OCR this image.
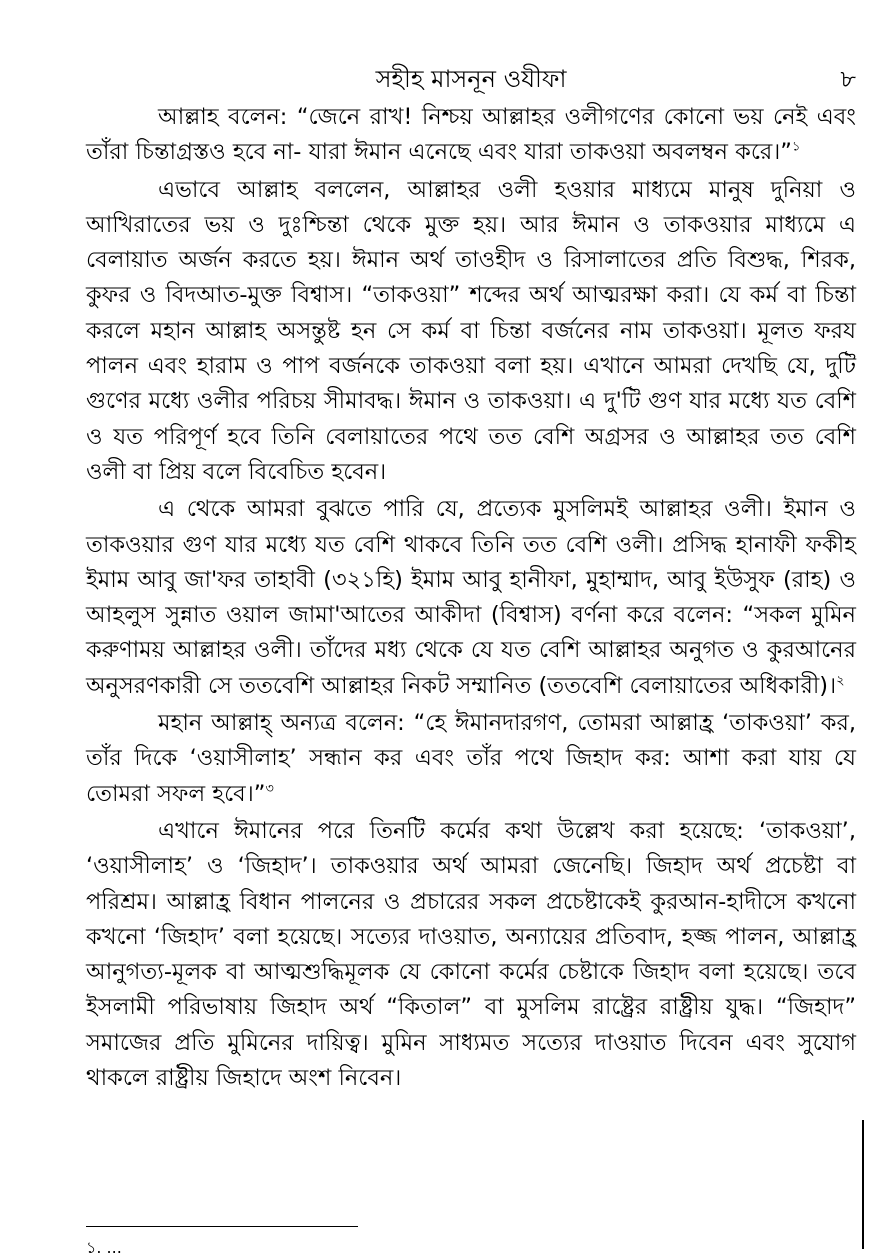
সহীহ মাসনূন ওযীফা	৮

আল্লাহ বলেন: “জেনে রাখ! নিশ্চয় আল্লাহর ওলীগণের কোনো ভয় নেই এবং তাঁরা চিন্তাগ্রস্তও হবে না- যারা ঈমান এনেছে এবং যারা তাকওয়া অবলম্বন করে।”$^১$

এভাবে আল্লাহ বললেন, আল্লাহর ওলী হওয়ার মাধ্যমে মানুষ দুনিয়া ও আখিরাতের ভয় ও দুঃশ্চিন্তা থেকে মুক্ত হয়। আর ঈমান ও তাকওয়ার মাধ্যমে এ বেলায়াত অর্জন করতে হয়। ঈমান অর্থ তাওহীদ ও রিসালাতের প্রতি বিশুদ্ধ, শিরক, কুফর ও বিদআত-মুক্ত বিশ্বাস। “তাকওয়া” শব্দের অর্থ আত্মরক্ষা করা। যে কর্ম বা চিন্তা করলে মহান আল্লাহ অসন্তুষ্ট হন সে কর্ম বা চিন্তা বর্জনের নাম তাকওয়া। মূলত ফরয পালন এবং হারাম ও পাপ বর্জনকে তাকওয়া বলা হয়। এখানে আমরা দেখছি যে, দুটি গুণের মধ্যে ওলীর পরিচয় সীমাবদ্ধ। ঈমান ও তাকওয়া। এ দু'টি গুণ যার মধ্যে যত বেশি ও যত পরিপূর্ণ হবে তিনি বেলায়াতের পথে তত বেশি অগ্রসর ও আল্লাহর তত বেশি ওলী বা প্রিয় বলে বিবেচিত হবেন।

এ থেকে আমরা বুঝতে পারি যে, প্রত্যেক মুসলিমই আল্লাহর ওলী। ইমান ও তাকওয়ার গুণ যার মধ্যে যত বেশি থাকবে তিনি তত বেশি ওলী। প্রসিদ্ধ হানাফী ফকীহ ইমাম আবু জা'ফর তাহাবী (৩২১হি) ইমাম আবু হানীফা, মুহাম্মাদ, আবু ইউসুফ (রাহ) ও আহলুস সুন্নাত ওয়াল জামা'আতের আকীদা (বিশ্বাস) বর্ণনা করে বলেন: “সকল মুমিন করুণাময় আল্লাহর ওলী। তাঁদের মধ্য থেকে যে যত বেশি আল্লাহর অনুগত ও কুরআনের অনুসরণকারী সে ততবেশি আল্লাহর নিকট সম্মানিত (ততবেশি বেলায়াতের অধিকারী)।$^২$

মহান আল্লাহ্ অন্যত্র বলেন: “হে ঈমানদারগণ, তোমরা আল্লাহ্র ‘তাকওয়া’ কর, তাঁর দিকে ‘ওয়াসীলাহ’ সন্ধান কর এবং তাঁর পথে জিহাদ কর: আশা করা যায় যে তোমরা সফল হবে।”$^৩$

এখানে ঈমানের পরে তিনটি কর্মের কথা উল্লেখ করা হয়েছে: ‘তাকওয়া’, ‘ওয়াসীলাহ’ ও ‘জিহাদ’। তাকওয়ার অর্থ আমরা জেনেছি। জিহাদ অর্থ প্রচেষ্টা বা পরিশ্রম। আল্লাহ্র বিধান পালনের ও প্রচারের সকল প্রচেষ্টাকেই কুরআন-হাদীসে কখনো কখনো ‘জিহাদ’ বলা হয়েছে। সত্যের দাওয়াত, অন্যায়ের প্রতিবাদ, হজ্জ পালন, আল্লাহ্র আনুগত্য-মূলক বা আত্মশুদ্ধিমূলক যে কোনো কর্মের চেষ্টাকে জিহাদ বলা হয়েছে। তবে ইসলামী পরিভাষায় জিহাদ অর্থ “কিতাল” বা মুসলিম রাষ্ট্রের রাষ্ট্রীয় যুদ্ধ। “জিহাদ” সমাজের প্রতি মুমিনের দায়িত্ব। মুমিন সাধ্যমত সত্যের দাওয়াত দিবেন এবং সুযোগ থাকলে রাষ্ট্রীয় জিহাদে অংশ নিবেন।

১. ...
